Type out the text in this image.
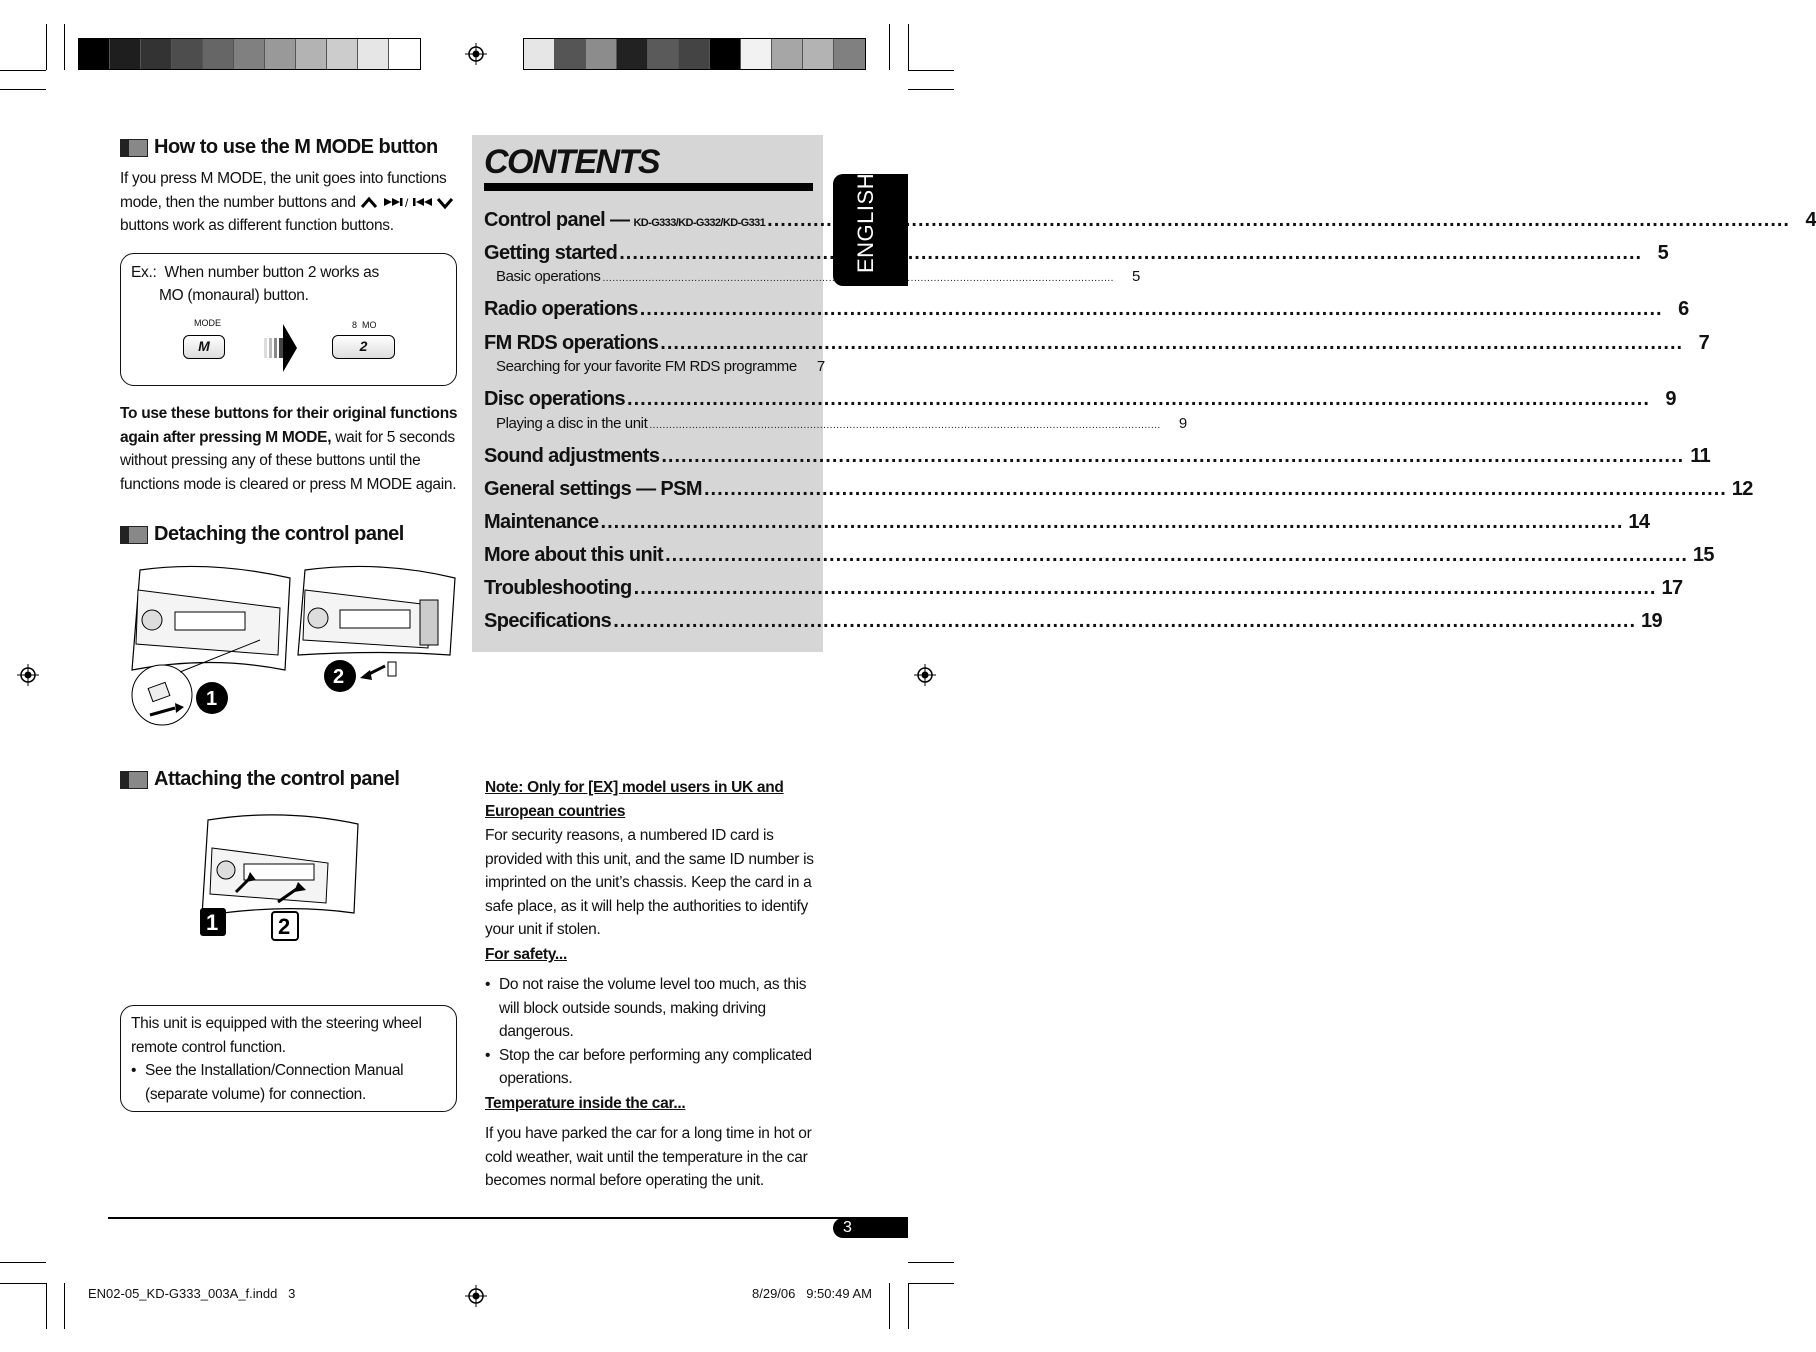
How to use the M MODE button
If you press M MODE, the unit goes into functions
mode, then the number buttons and	/
buttons work as different function buttons.
Ex.:  When number button 2 works as
MO (monaural) button.
MODE
M
8  MO
2
To use these buttons for their original functions again after pressing M MODE, wait for 5 seconds without pressing any of these buttons until the functions mode is cleared or press M MODE again.
Detaching the control panel
2
1
Attaching the control panel
1	2
This unit is equipped with the steering wheel
remote control function.
• See the Installation/Connection Manual (separate volume) for connection.
CONTENTS
Control panel — KD-G333/KD-G332/KD-G331 .....	4
Getting started .....	5
Basic operations .....	5
Radio operations .....	6
FM RDS operations .....	7
Searching for your favorite FM RDS programme	7
Disc operations .....	9
Playing a disc in the unit .....	9
Sound adjustments .....	11
General settings — PSM .....	12
Maintenance .....	14
More about this unit .....	15
Troubleshooting .....	17
Specifications .....	19
ENGLISH
Note: Only for [EX] model users in UK and
European countries
For security reasons, a numbered ID card is provided with this unit, and the same ID number is imprinted on the unit’s chassis. Keep the card in a safe place, as it will help the authorities to identify your unit if stolen.
For safety...
• Do not raise the volume level too much, as this will block outside sounds, making driving dangerous.
• Stop the car before performing any complicated operations.
Temperature inside the car...
If you have parked the car for a long time in hot or cold weather, wait until the temperature in the car becomes normal before operating the unit.
3
EN02-05_KD-G333_003A_f.indd   3	8/29/06   9:50:49 AM
